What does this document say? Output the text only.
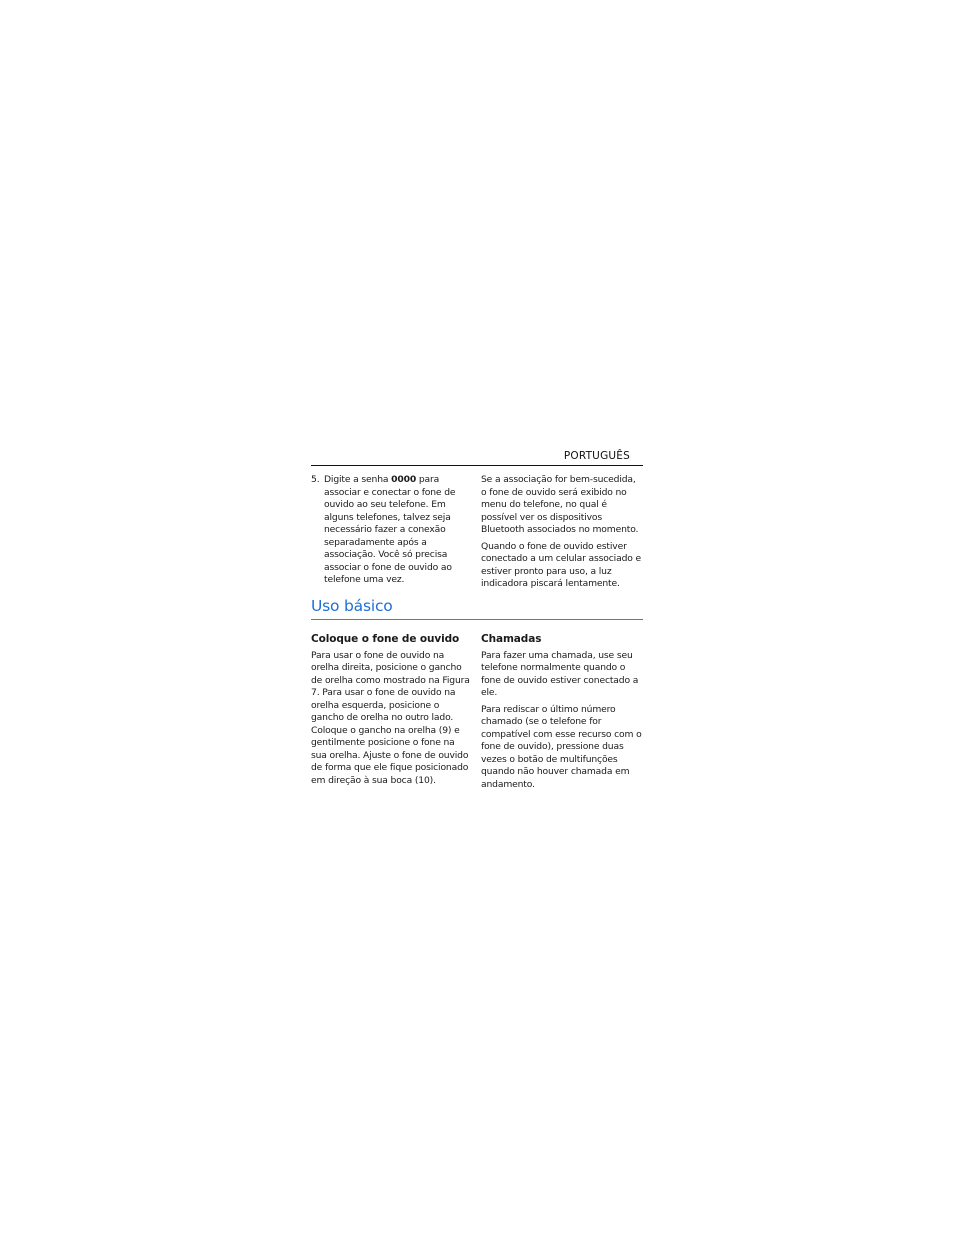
PORTUGUÊS
5. Digite a senha 0000 para associar e conectar o fone de ouvido ao seu telefone. Em alguns telefones, talvez seja necessário fazer a conexão separadamente após a associação. Você só precisa associar o fone de ouvido ao telefone uma vez.

Se a associação for bem-sucedida, o fone de ouvido será exibido no menu do telefone, no qual é possível ver os dispositivos Bluetooth associados no momento.

Quando o fone de ouvido estiver conectado a um celular associado e estiver pronto para uso, a luz indicadora piscará lentamente.

Uso básico
Coloque o fone de ouvido

Para usar o fone de ouvido na orelha direita, posicione o gancho de orelha como mostrado na Figura 7. Para usar o fone de ouvido na orelha esquerda, posicione o gancho de orelha no outro lado. Coloque o gancho na orelha (9) e gentilmente posicione o fone na sua orelha. Ajuste o fone de ouvido de forma que ele fique posicionado em direção à sua boca (10).

Chamadas

Para fazer uma chamada, use seu telefone normalmente quando o fone de ouvido estiver conectado a ele.

Para rediscar o último número chamado (se o telefone for compatível com esse recurso com o fone de ouvido), pressione duas vezes o botão de multifunções quando não houver chamada em andamento.
